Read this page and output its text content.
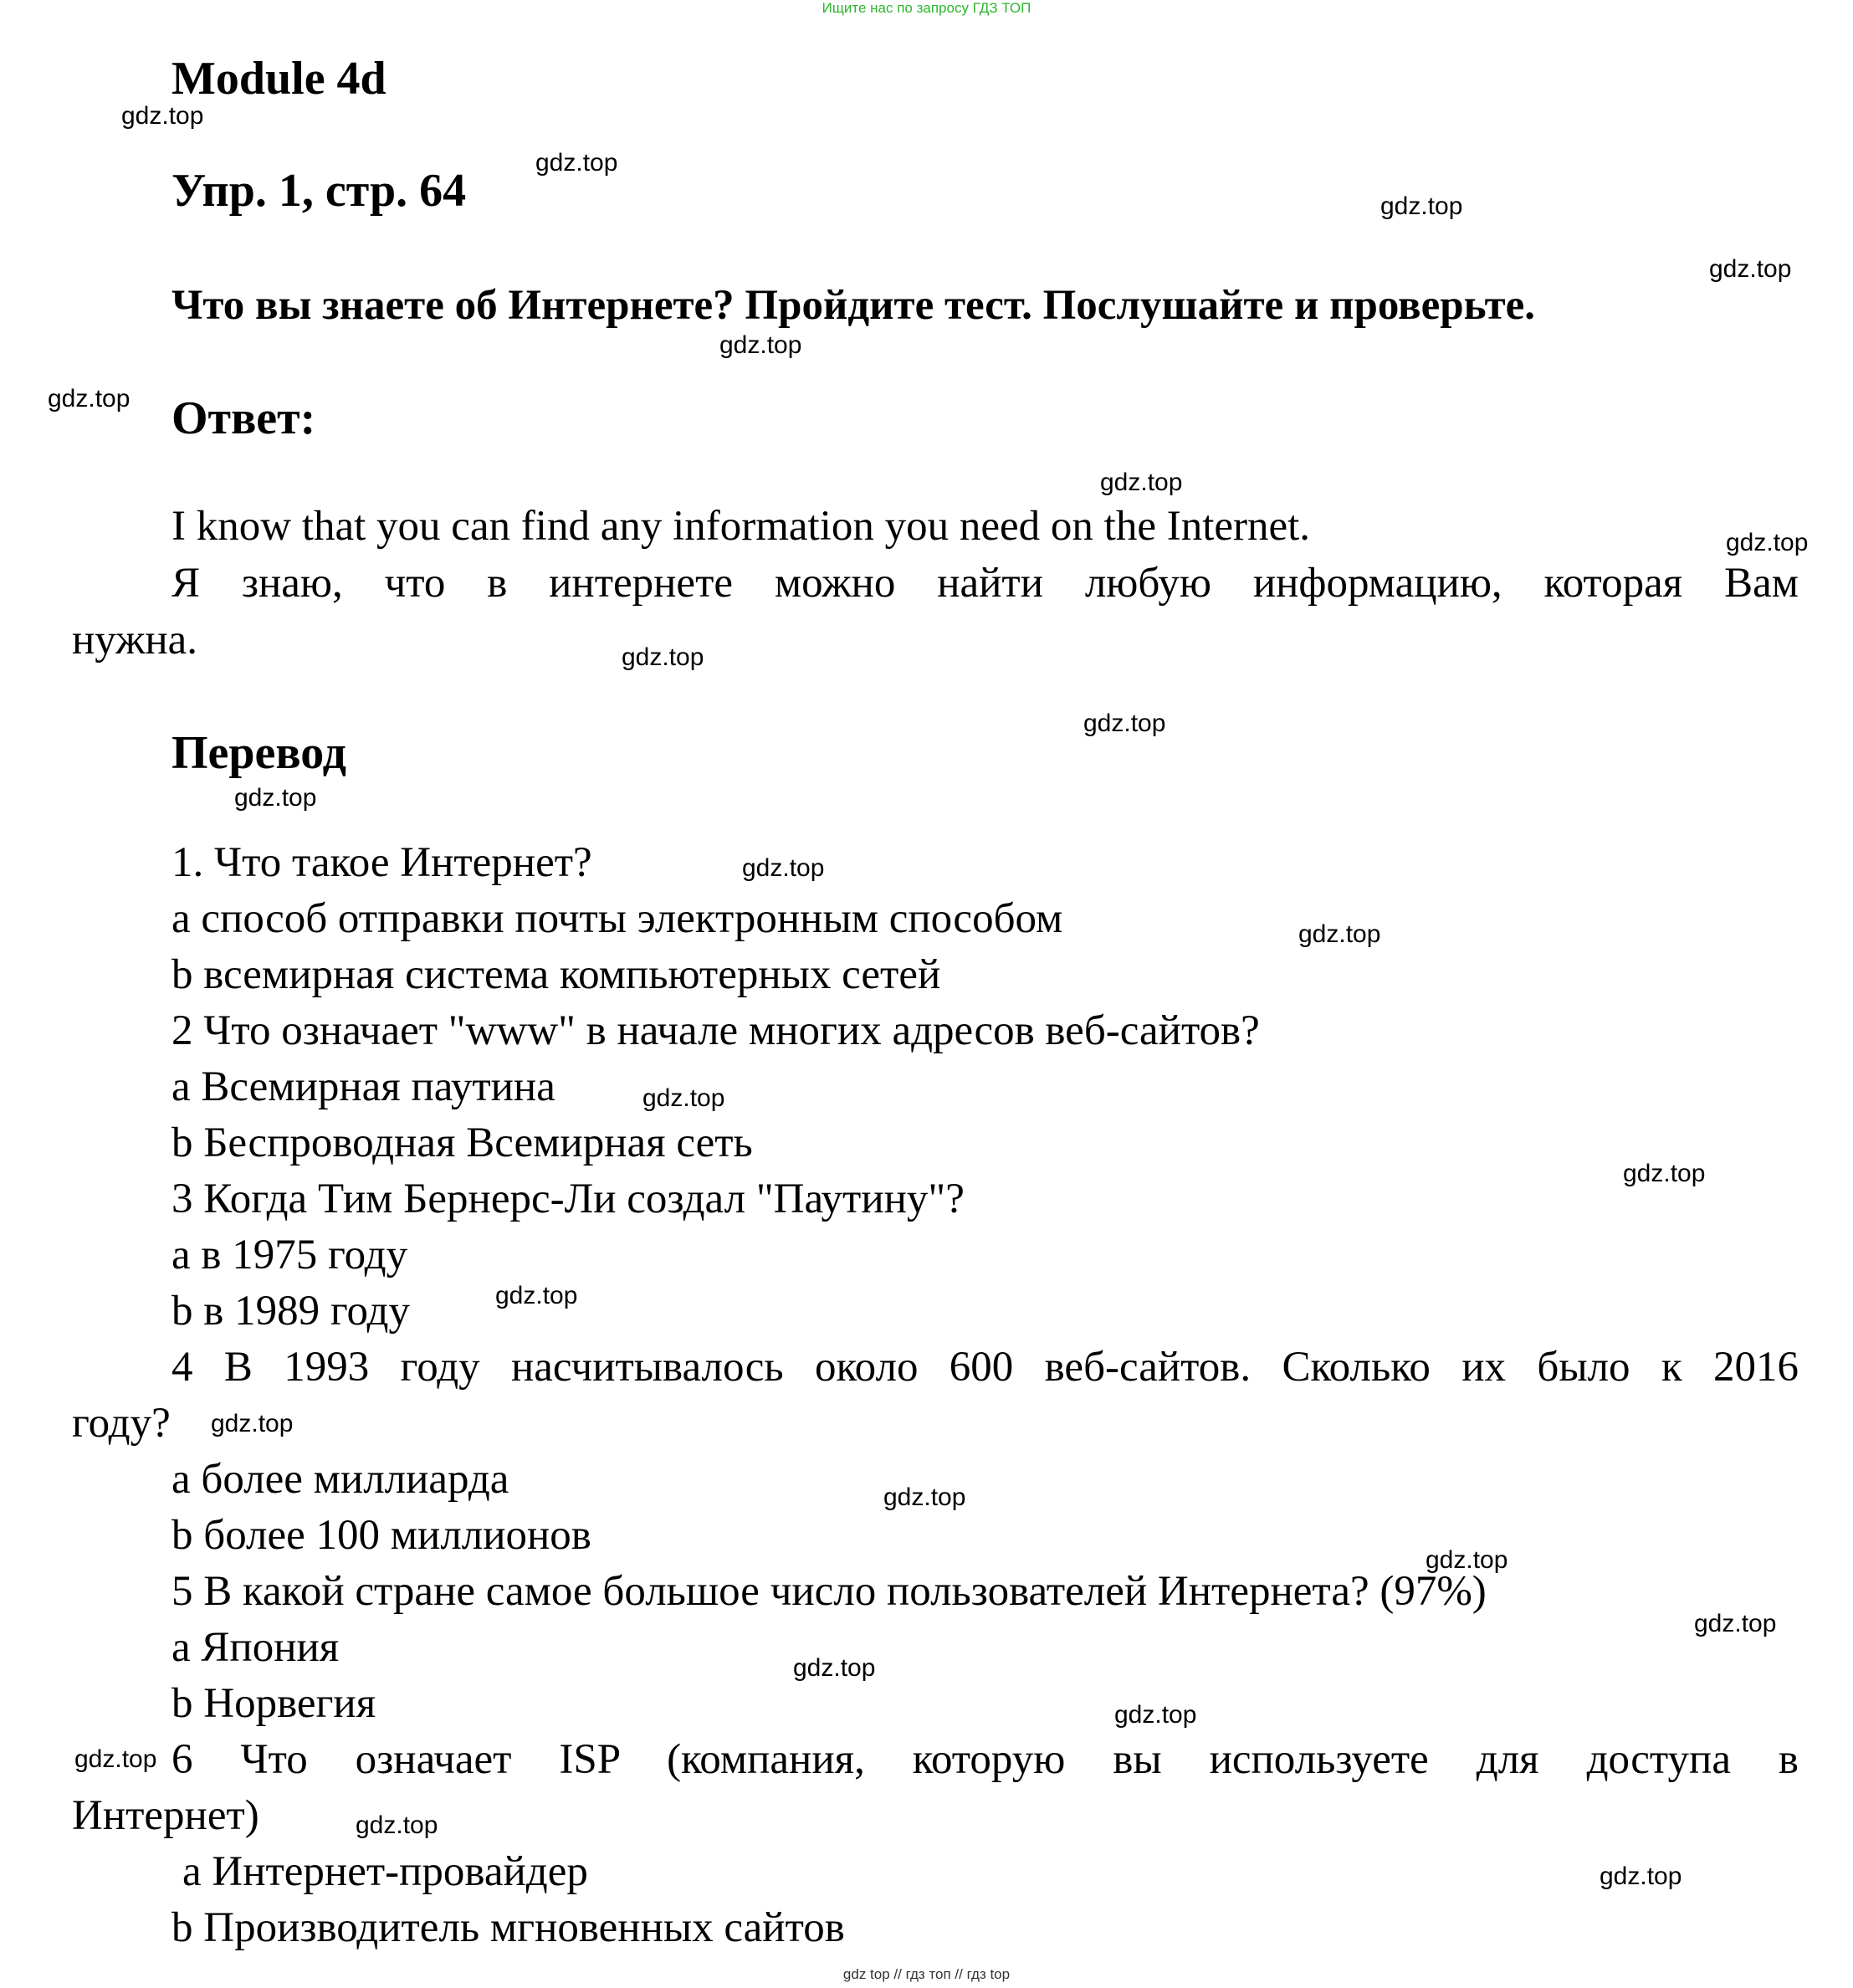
Ищите нас по запросу ГДЗ ТОП
Module 4d
Упр. 1, стр. 64
Что вы знаете об Интернете? Пройдите тест. Послушайте и проверьте.
Ответ:
I know that you can find any information you need on the Internet.
Я знаю, что в интернете можно найти любую информацию, которая Вам
нужна.
Перевод
1. Что такое Интернет?
a способ отправки почты электронным способом
b всемирная система компьютерных сетей
2 Что означает "www" в начале многих адресов веб-сайтов?
a Всемирная паутина
b Беспроводная Всемирная сеть
3 Когда Тим Бернерс-Ли создал "Паутину"?
a в 1975 году
b в 1989 году
4 В 1993 году насчитывалось около 600 веб-сайтов. Сколько их было к 2016
году?
a более миллиарда
b более 100 миллионов
5 В какой стране самое большое число пользователей Интернета? (97%)
a Япония
b Норвегия
6 Что означает ISP (компания, которую вы используете для доступа в
Интернет)
a Интернет-провайдер
b Производитель мгновенных сайтов
gdz.top
gdz.top
gdz.top
gdz.top
gdz.top
gdz.top
gdz.top
gdz.top
gdz.top
gdz.top
gdz.top
gdz.top
gdz.top
gdz.top
gdz.top
gdz.top
gdz.top
gdz.top
gdz.top
gdz.top
gdz.top
gdz.top
gdz.top
gdz.top
gdz.top
gdz top // гдз топ // гдз top
